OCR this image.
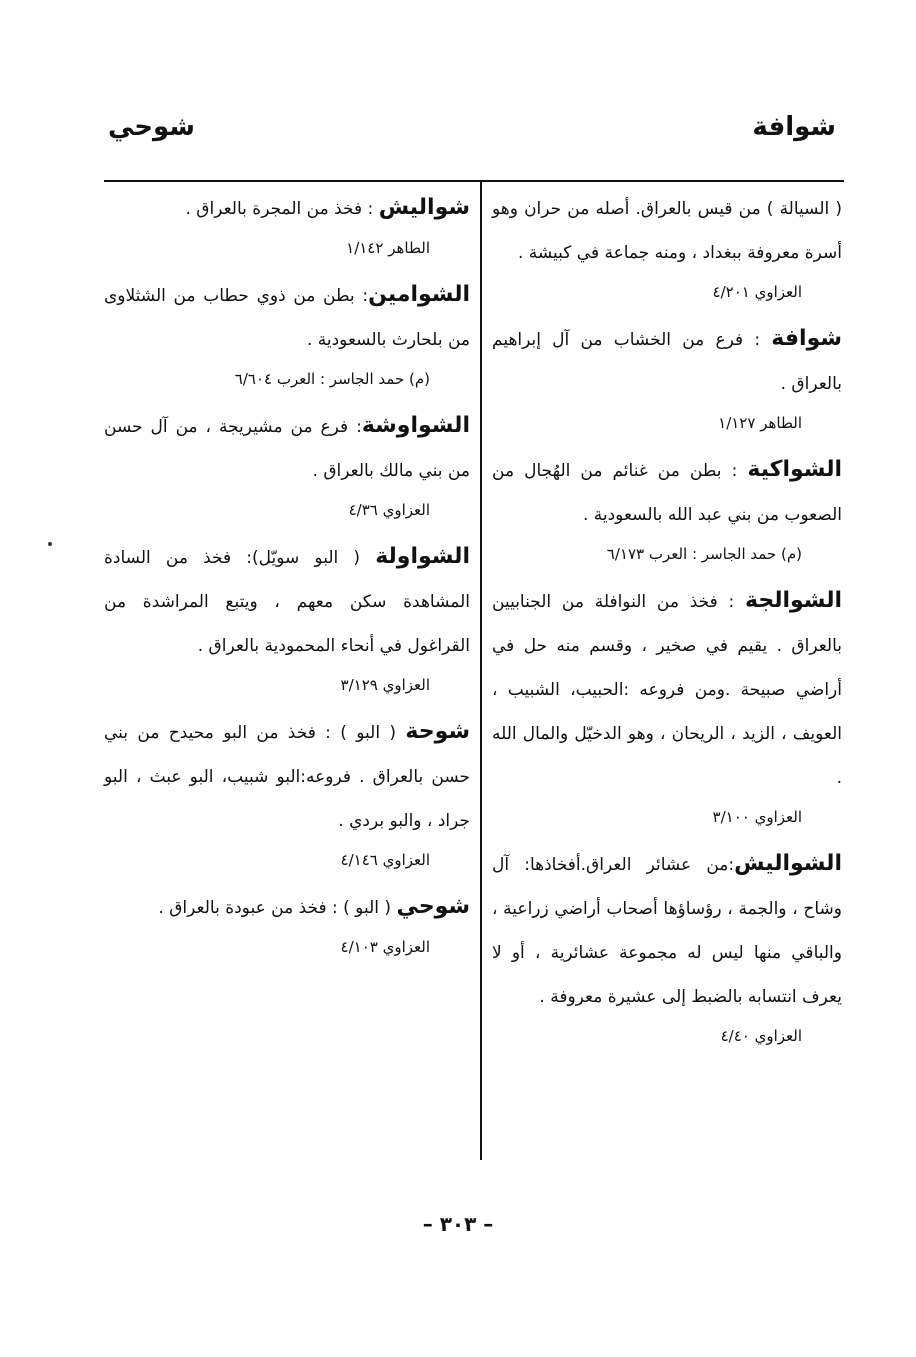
شوافة
شوحي

( السيالة ) من قيس بالعراق. أصله من حران وهو أسرة معروفة ببغداد ، ومنه جماعة في كبيشة .

العزاوي ٤/٢٠١

شوافة : فرع من الخشاب من آل إبراهيم بالعراق .

الطاهر ١/١٢٧

الشواكية : بطن من غنائم من الهُجال من الصعوب من بني عبد الله بالسعودية .

(م) حمد الجاسر : العرب ٦/١٧٣

الشوالجة : فخذ من النوافلة من الجنابيين بالعراق . يقيم في صخير ، وقسم منه حل في أراضي صبيحة .ومن فروعه :الحبيب، الشبيب ، العويف ، الزيد ، الريحان ، وهو الدخيّل والمال الله .

العزاوي ٣/١٠٠

الشواليش:من عشائر العراق.أفخاذها: آل وشاح ، والجمة ، رؤساؤها أصحاب أراضي زراعية ، والباقي منها ليس له مجموعة عشائرية ، أو لا يعرف انتسابه بالضبط إلى عشيرة معروفة .

العزاوي ٤/٤٠

شواليش : فخذ من المجرة بالعراق .

الطاهر ١/١٤٢

الشوامين: بطن من ذوي حطاب من الشثلاوى من بلحارث بالسعودية .

(م) حمد الجاسر : العرب ٦/٦٠٤

الشواوشة: فرع من مشيريجة ، من آل حسن من بني مالك بالعراق .

العزاوي ٤/٣٦

الشواولة ( البو سويّل): فخذ من السادة المشاهدة سكن معهم ، ويتبع المراشدة من القراغول في أنحاء المحمودية بالعراق .

العزاوي ٣/١٢٩

شوحة ( البو ) : فخذ من البو محيدح من بني حسن بالعراق . فروعه:البو شبيب، البو عبث ، البو جراد ، والبو بردي .

العزاوي ٤/١٤٦

شوحي ( البو ) : فخذ من عبودة بالعراق .

العزاوي ٤/١٠٣
– ٣٠٣ –
